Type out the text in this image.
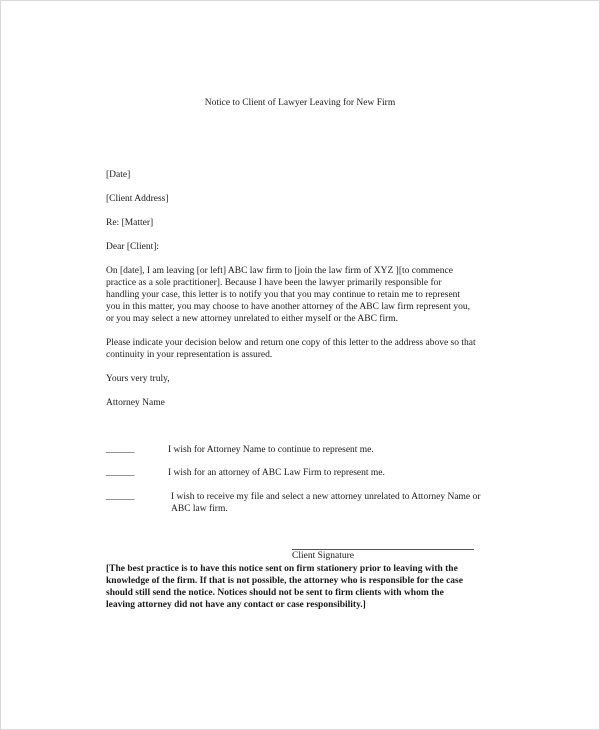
Notice to Client of Lawyer Leaving for New Firm
[Date]
[Client Address]
Re: [Matter]
Dear [Client]:
On [date], I am leaving [or left] ABC law firm to [join the law firm of XYZ ][to commence
practice as a sole practitioner]. Because I have been the lawyer primarily responsible for
handling your case, this letter is to notify you that you may continue to retain me to represent
you in this matter, you may choose to have another attorney of the ABC law firm represent you,
or you may select a new attorney unrelated to either myself or the ABC firm.
Please indicate your decision below and return one copy of this letter to the address above so that
continuity in your representation is assured.
Yours very truly,
Attorney Name
______	I wish for Attorney Name to continue to represent me.
______	I wish for an attorney of ABC Law Firm to represent me.
______	I wish to receive my file and select a new attorney unrelated to Attorney Name or
ABC law firm.
Client Signature
[The best practice is to have this notice sent on firm stationery prior to leaving with the
knowledge of the firm. If that is not possible, the attorney who is responsible for the case
should still send the notice. Notices should not be sent to firm clients with whom the
leaving attorney did not have any contact or case responsibility.]
